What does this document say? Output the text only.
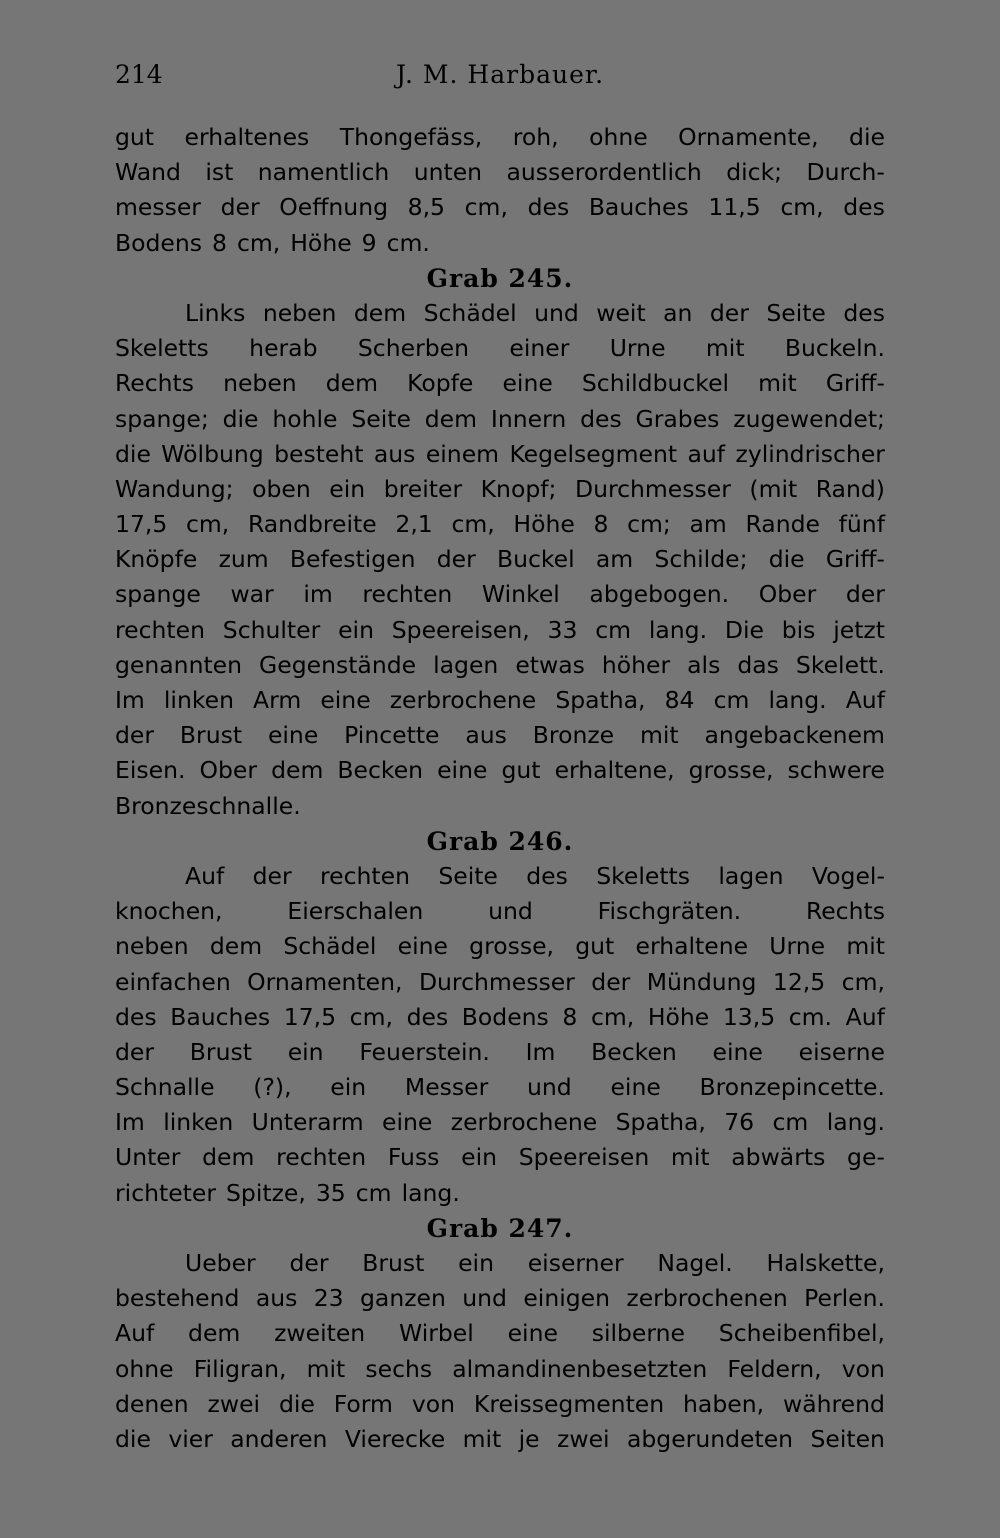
214	J. M. Harbauer.
gut erhaltenes Thongefäss, roh, ohne Ornamente, die
Wand ist namentlich unten ausserordentlich dick; Durch-
messer der Oeffnung 8,5 cm, des Bauches 11,5 cm, des
Bodens 8 cm, Höhe 9 cm.
Grab 245.
Links neben dem Schädel und weit an der Seite des
Skeletts herab Scherben einer Urne mit Buckeln.
Rechts neben dem Kopfe eine Schildbuckel mit Griff-
spange; die hohle Seite dem Innern des Grabes zugewendet;
die Wölbung besteht aus einem Kegelsegment auf zylindrischer
Wandung; oben ein breiter Knopf; Durchmesser (mit Rand)
17,5 cm, Randbreite 2,1 cm, Höhe 8 cm; am Rande fünf
Knöpfe zum Befestigen der Buckel am Schilde; die Griff-
spange war im rechten Winkel abgebogen. Ober der
rechten Schulter ein Speereisen, 33 cm lang. Die bis jetzt
genannten Gegenstände lagen etwas höher als das Skelett.
Im linken Arm eine zerbrochene Spatha, 84 cm lang. Auf
der Brust eine Pincette aus Bronze mit angebackenem
Eisen. Ober dem Becken eine gut erhaltene, grosse, schwere
Bronzeschnalle.
Grab 246.
Auf der rechten Seite des Skeletts lagen Vogel-
knochen,	Eierschalen	und	Fischgräten.	Rechts
neben dem Schädel eine grosse, gut erhaltene Urne mit
einfachen Ornamenten, Durchmesser der Mündung 12,5 cm,
des Bauches 17,5 cm, des Bodens 8 cm, Höhe 13,5 cm. Auf
der Brust ein Feuerstein. Im Becken eine eiserne
Schnalle (?), ein Messer und eine Bronzepincette.
Im linken Unterarm eine zerbrochene Spatha, 76 cm lang.
Unter dem rechten Fuss ein Speereisen mit abwärts ge-
richteter Spitze, 35 cm lang.
Grab 247.
Ueber der Brust ein eiserner Nagel. Halskette,
bestehend aus 23 ganzen und einigen zerbrochenen Perlen.
Auf dem zweiten Wirbel eine silberne Scheibenfibel,
ohne Filigran, mit sechs almandinenbesetzten Feldern, von
denen zwei die Form von Kreissegmenten haben, während
die vier anderen Vierecke mit je zwei abgerundeten Seiten
